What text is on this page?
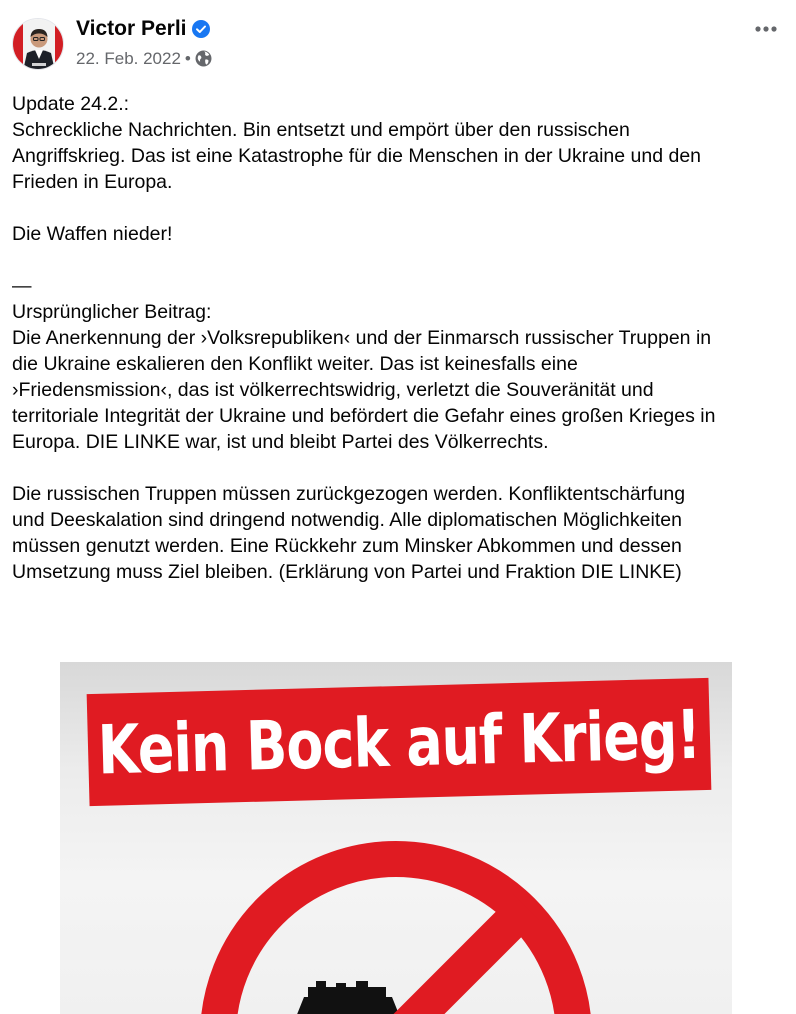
Victor Perli
22. Feb. 2022 •

Update 24.2.:

Schreckliche Nachrichten. Bin entsetzt und empört über den russischen

Angriffskrieg. Das ist eine Katastrophe für die Menschen in der Ukraine und den

Frieden in Europa.

Die Waffen nieder!

—

Ursprünglicher Beitrag:

Die Anerkennung der ›Volksrepubliken‹ und der Einmarsch russischer Truppen in

die Ukraine eskalieren den Konflikt weiter. Das ist keinesfalls eine

›Friedensmission‹, das ist völkerrechtswidrig, verletzt die Souveränität und

territoriale Integrität der Ukraine und befördert die Gefahr eines großen Krieges in

Europa. DIE LINKE war, ist und bleibt Partei des Völkerrechts.

Die russischen Truppen müssen zurückgezogen werden. Konfliktentschärfung

und Deeskalation sind dringend notwendig. Alle diplomatischen Möglichkeiten

müssen genutzt werden. Eine Rückkehr zum Minsker Abkommen und dessen

Umsetzung muss Ziel bleiben. (Erklärung von Partei und Fraktion DIE LINKE)

Kein Bock auf Krieg!
